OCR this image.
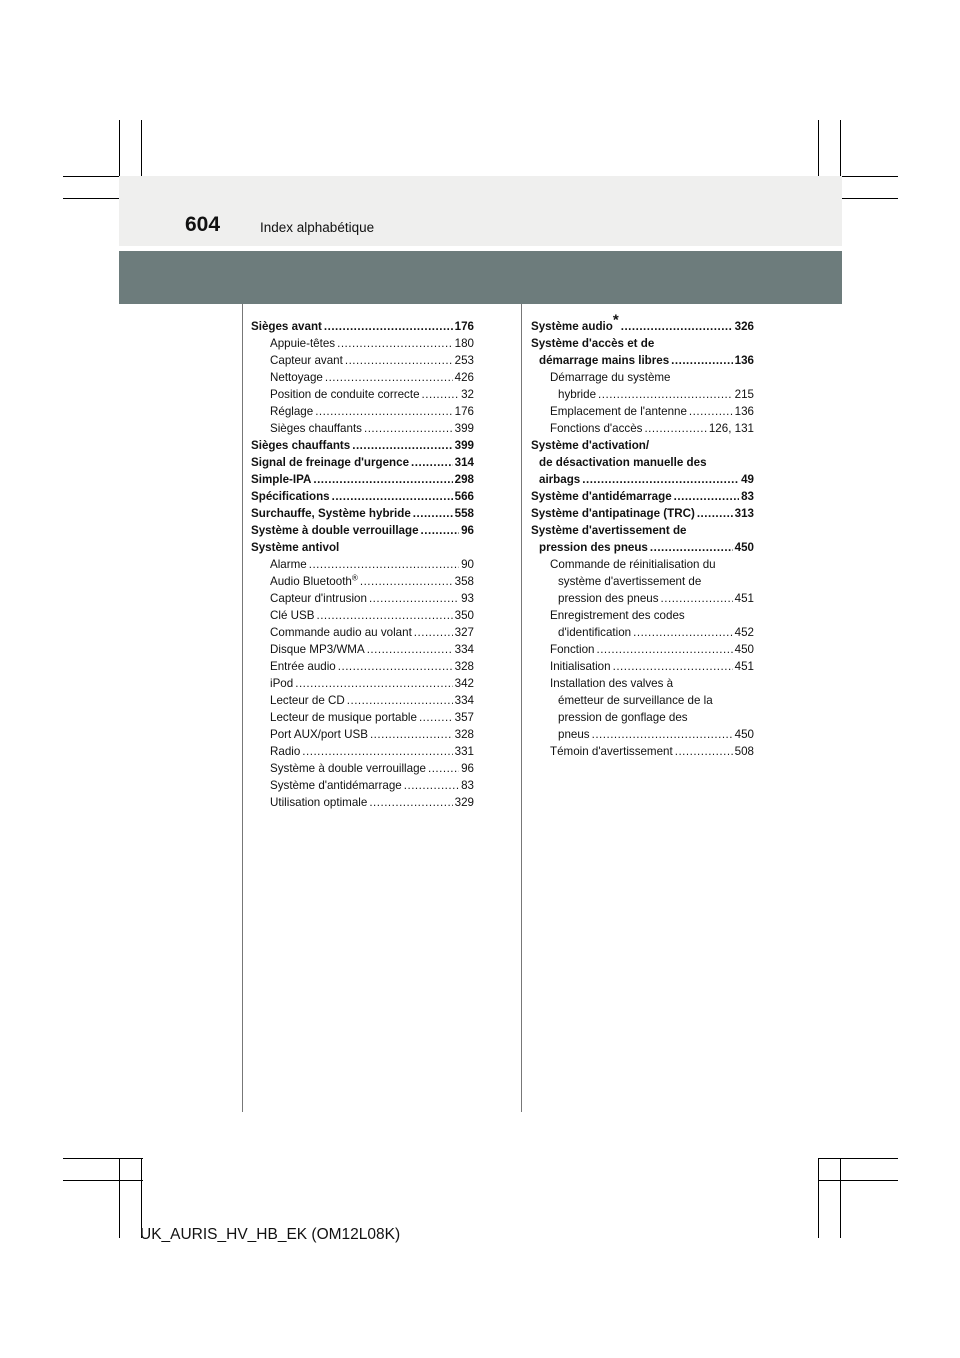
604	Index alphabétique
Sièges avant .....	176
Appuie-têtes .....	180
Capteur avant .....	253
Nettoyage .....	426
Position de conduite correcte .....	32
Réglage .....	176
Sièges chauffants .....	399
Sièges chauffants .....	399
Signal de freinage d'urgence .....	314
Simple-IPA .....	298
Spécifications .....	566
Surchauffe, Système hybride .....	558
Système à double verrouillage .....	96
Système antivol
Alarme .....	90
Audio Bluetooth® .....	358
Capteur d'intrusion .....	93
Clé USB .....	350
Commande audio au volant .....	327
Disque MP3/WMA .....	334
Entrée audio .....	328
iPod .....	342
Lecteur de CD .....	334
Lecteur de musique portable .....	357
Port AUX/port USB .....	328
Radio .....	331
Système à double verrouillage .....	96
Système d'antidémarrage .....	83
Utilisation optimale .....	329
Système audio* .....	326
Système d'accès et de
démarrage mains libres .....	136
Démarrage du système
hybride .....	215
Emplacement de l'antenne .....	136
Fonctions d'accès .....	126, 131
Système d'activation/
de désactivation manuelle des
airbags .....	49
Système d'antidémarrage .....	83
Système d'antipatinage (TRC) .....	313
Système d'avertissement de
pression des pneus .....	450
Commande de réinitialisation du
système d'avertissement de
pression des pneus .....	451
Enregistrement des codes
d'identification .....	452
Fonction .....	450
Initialisation .....	451
Installation des valves à
émetteur de surveillance de la
pression de gonflage des
pneus .....	450
Témoin d'avertissement .....	508
UK_AURIS_HV_HB_EK (OM12L08K)
